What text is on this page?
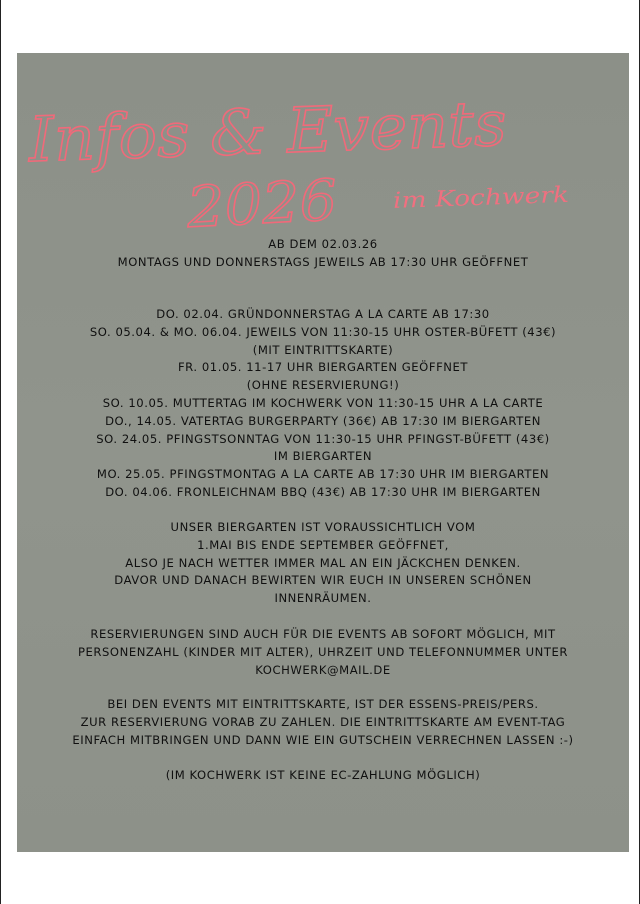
Infos & Events
2026	im Kochwerk
AB DEM 02.03.26
MONTAGS UND DONNERSTAGS JEWEILS AB 17:30 UHR GEÖFFNET
DO. 02.04. GRÜNDONNERSTAG A LA CARTE AB 17:30
SO. 05.04. & MO. 06.04. JEWEILS VON 11:30-15 UHR OSTER-BÜFETT (43€)
(MIT EINTRITTSKARTE)
FR. 01.05. 11-17 UHR BIERGARTEN GEÖFFNET
(OHNE RESERVIERUNG!)
SO. 10.05. MUTTERTAG IM KOCHWERK VON 11:30-15 UHR A LA CARTE
DO., 14.05. VATERTAG BURGERPARTY (36€) AB 17:30 IM BIERGARTEN
SO. 24.05. PFINGSTSONNTAG VON 11:30-15 UHR PFINGST-BÜFETT (43€)
IM BIERGARTEN
MO. 25.05. PFINGSTMONTAG A LA CARTE AB 17:30 UHR IM BIERGARTEN
DO. 04.06. FRONLEICHNAM BBQ (43€) AB 17:30 UHR IM BIERGARTEN
UNSER BIERGARTEN IST VORAUSSICHTLICH VOM
1.MAI BIS ENDE SEPTEMBER GEÖFFNET,
ALSO JE NACH WETTER IMMER MAL AN EIN JÄCKCHEN DENKEN.
DAVOR UND DANACH BEWIRTEN WIR EUCH IN UNSEREN SCHÖNEN
INNENRÄUMEN.
RESERVIERUNGEN SIND AUCH FÜR DIE EVENTS AB SOFORT MÖGLICH, MIT
PERSONENZAHL (KINDER MIT ALTER), UHRZEIT UND TELEFONNUMMER UNTER
KOCHWERK@MAIL.DE
BEI DEN EVENTS MIT EINTRITTSKARTE, IST DER ESSENS-PREIS/PERS.
ZUR RESERVIERUNG VORAB ZU ZAHLEN. DIE EINTRITTSKARTE AM EVENT-TAG
EINFACH MITBRINGEN UND DANN WIE EIN GUTSCHEIN VERRECHNEN LASSEN :-)
(IM KOCHWERK IST KEINE EC-ZAHLUNG MÖGLICH)
